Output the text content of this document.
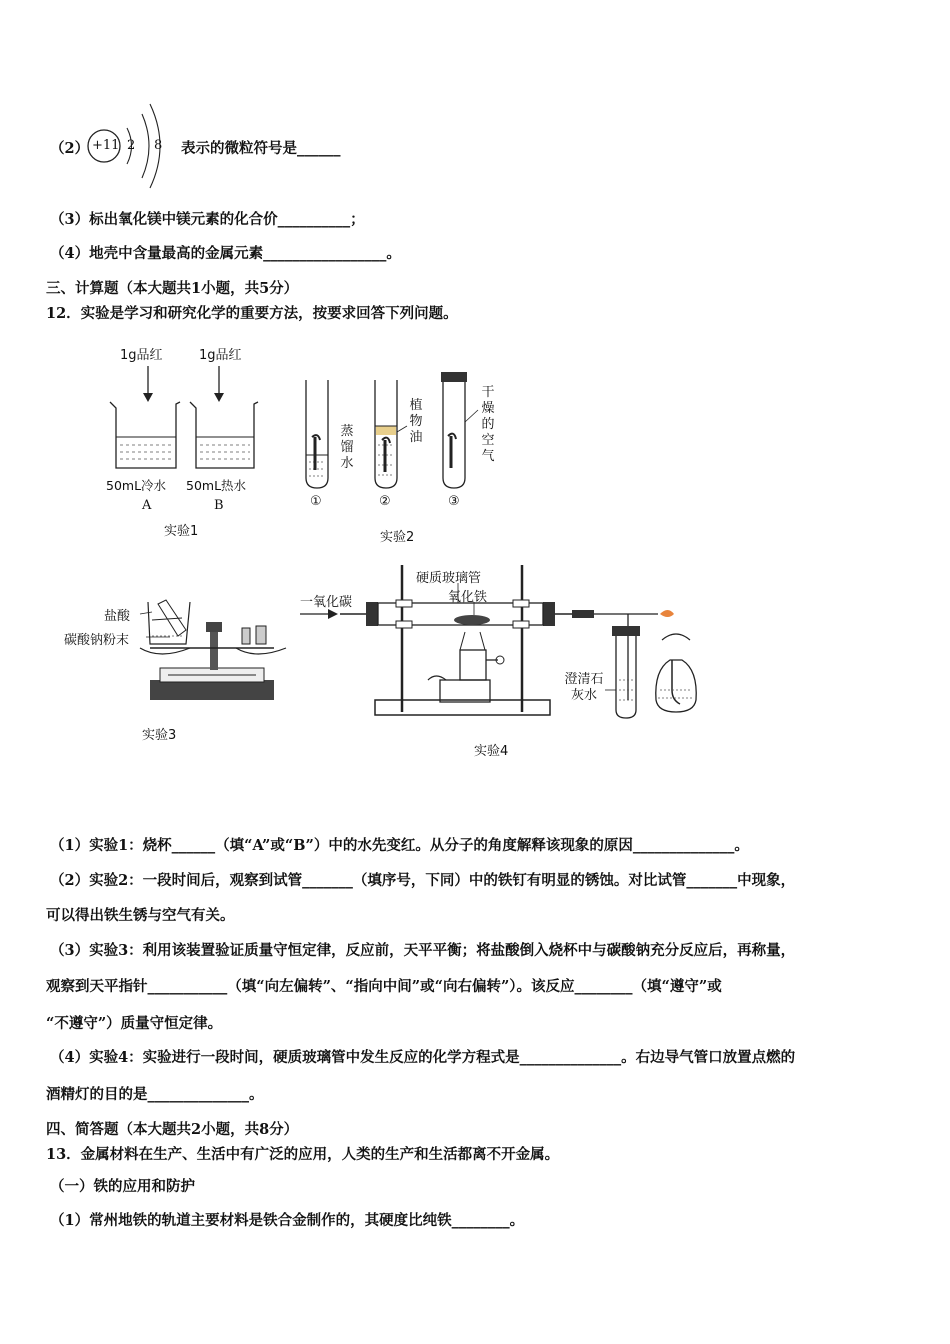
（2） +11 2 8 表示的微粒符号是______
（3）标出氧化镁中镁元素的化合价__________；
（4）地壳中含量最高的金属元素_________________。
三、计算题（本大题共1小题，共5分）
12．实验是学习和研究化学的重要方法，按要求回答下列问题。
1g品红	1g品红
50mL冷水 50mL热水
A	B
实验1
蒸馏水
植物油
干燥的空气
①	②	③
实验2
盐酸
碳酸钠粉末
实验3
一氧化碳
硬质玻璃管
氧化铁
澄清石灰水
实验4
（1）实验1：烧杯______（填“A”或“B”）中的水先变红。从分子的角度解释该现象的原因______________。
（2）实验2：一段时间后，观察到试管_______（填序号，下同）中的铁钉有明显的锈蚀。对比试管_______中现象，
可以得出铁生锈与空气有关。
（3）实验3：利用该装置验证质量守恒定律，反应前，天平平衡；将盐酸倒入烧杯中与碳酸钠充分反应后，再称量，
观察到天平指针___________（填“向左偏转”、“指向中间”或“向右偏转”）。该反应________（填“遵守”或
“不遵守”）质量守恒定律。
（4）实验4：实验进行一段时间，硬质玻璃管中发生反应的化学方程式是______________。右边导气管口放置点燃的
酒精灯的目的是______________。
四、简答题（本大题共2小题，共8分）
13．金属材料在生产、生活中有广泛的应用，人类的生产和生活都离不开金属。
（一）铁的应用和防护
（1）常州地铁的轨道主要材料是铁合金制作的，其硬度比纯铁________。
